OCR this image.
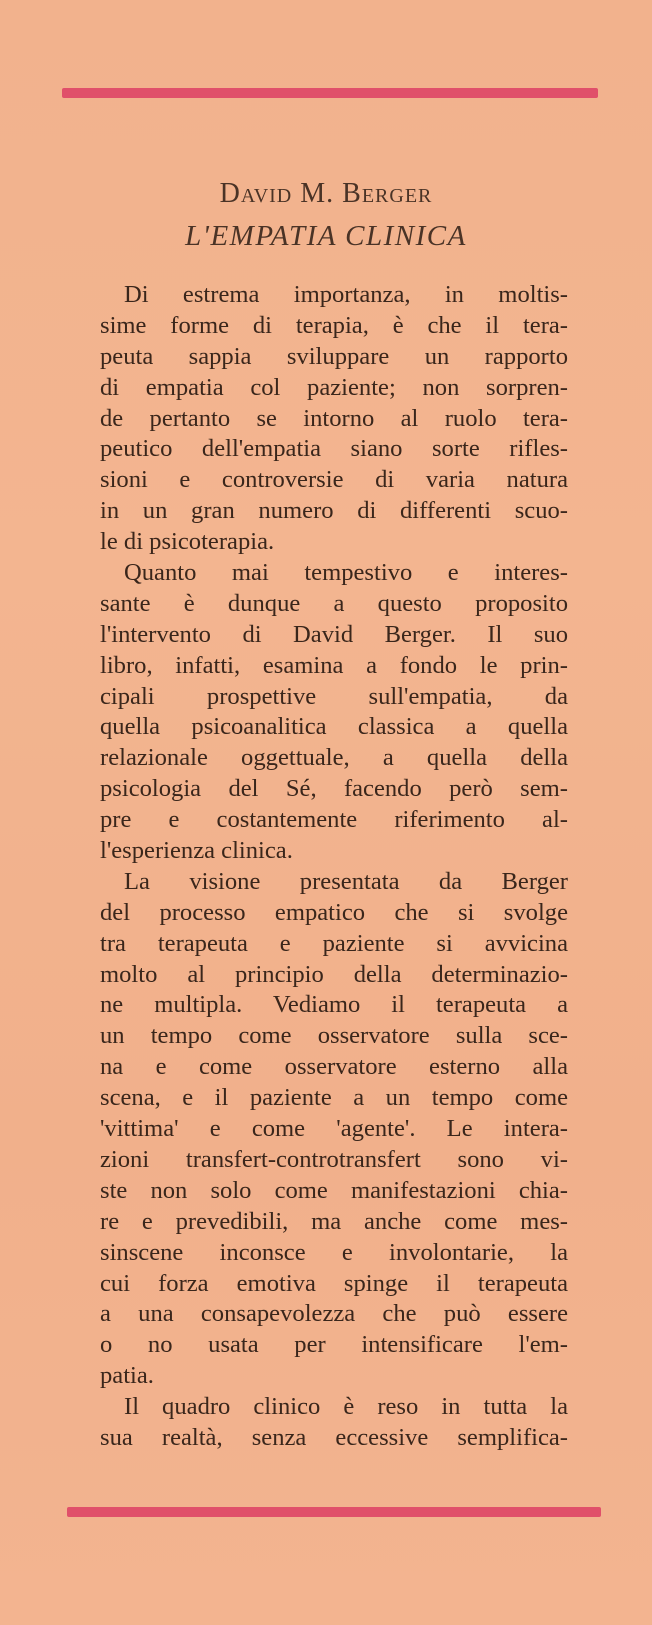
David M. Berger
L'EMPATIA CLINICA
Di estrema importanza, in moltis-
sime forme di terapia, è che il tera-
peuta sappia sviluppare un rapporto
di empatia col paziente; non sorpren-
de pertanto se intorno al ruolo tera-
peutico dell'empatia siano sorte rifles-
sioni e controversie di varia natura
in un gran numero di differenti scuo-
le di psicoterapia.
Quanto mai tempestivo e interes-
sante è dunque a questo proposito
l'intervento di David Berger. Il suo
libro, infatti, esamina a fondo le prin-
cipali prospettive sull'empatia, da
quella psicoanalitica classica a quella
relazionale oggettuale, a quella della
psicologia del Sé, facendo però sem-
pre e costantemente riferimento al-
l'esperienza clinica.
La visione presentata da Berger
del processo empatico che si svolge
tra terapeuta e paziente si avvicina
molto al principio della determinazio-
ne multipla. Vediamo il terapeuta a
un tempo come osservatore sulla sce-
na e come osservatore esterno alla
scena, e il paziente a un tempo come
'vittima' e come 'agente'. Le intera-
zioni transfert-controtransfert sono vi-
ste non solo come manifestazioni chia-
re e prevedibili, ma anche come mes-
sinscene inconsce e involontarie, la
cui forza emotiva spinge il terapeuta
a una consapevolezza che può essere
o no usata per intensificare l'em-
patia.
Il quadro clinico è reso in tutta la
sua realtà, senza eccessive semplifica-
